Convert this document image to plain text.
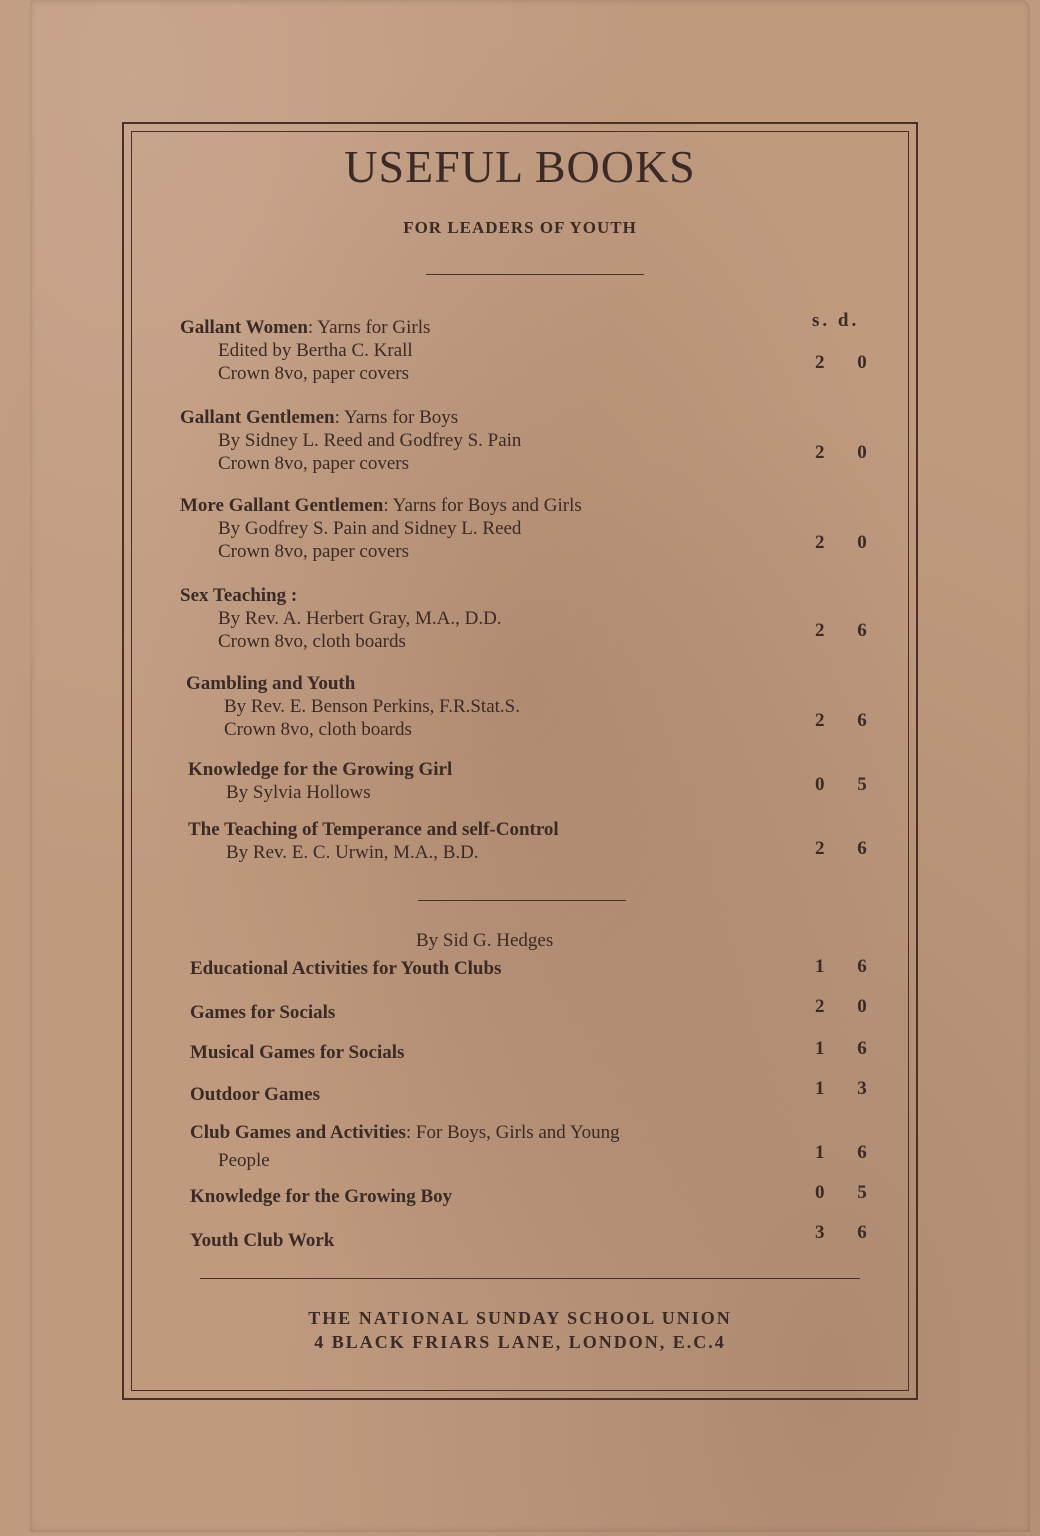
USEFUL BOOKS
FOR LEADERS OF YOUTH
s. d.
Gallant Women: Yarns for Girls
Edited by Bertha C. Krall
Crown 8vo, paper covers
2 0
Gallant Gentlemen: Yarns for Boys
By Sidney L. Reed and Godfrey S. Pain
Crown 8vo, paper covers
2 0
More Gallant Gentlemen: Yarns for Boys and Girls
By Godfrey S. Pain and Sidney L. Reed
Crown 8vo, paper covers	2 0
Sex Teaching :
By Rev. A. Herbert Gray, M.A., D.D.
Crown 8vo, cloth boards
2 6
Gambling and Youth
By Rev. E. Benson Perkins, F.R.Stat.S.
Crown 8vo, cloth boards	2 6
Knowledge for the Growing Girl
By Sylvia Hollows	0 5
The Teaching of Temperance and self-Control
By Rev. E. C. Urwin, M.A., B.D.	2 6
By Sid G. Hedges
Educational Activities for Youth Clubs	1 6
Games for Socials	2 0
Musical Games for Socials	1 6
Outdoor Games	1 3
Club Games and Activities: For Boys, Girls and Young
People	1 6
Knowledge for the Growing Boy	0 5
Youth Club Work	3 6
THE NATIONAL SUNDAY SCHOOL UNION
4 BLACK FRIARS LANE, LONDON, E.C.4
